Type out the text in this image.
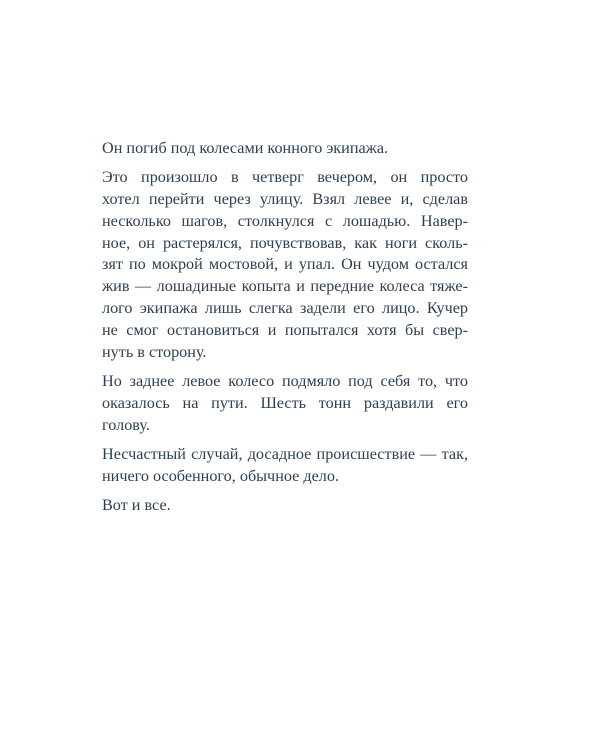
Он погиб под колесами конного экипажа.

Это произошло в четверг вечером, он просто
хотел перейти через улицу. Взял левее и, сделав
несколько шагов, столкнулся с лошадью. Навер-
ное, он растерялся, почувствовав, как ноги сколь-
зят по мокрой мостовой, и упал. Он чудом остался
жив — лошадиные копыта и передние колеса тяже-
лого экипажа лишь слегка задели его лицо. Кучер
не смог остановиться и попытался хотя бы свер-
нуть в сторону.

Но заднее левое колесо подмяло под себя то, что
оказалось на пути. Шесть тонн раздавили его
голову.

Несчастный случай, досадное происшествие — так,
ничего особенного, обычное дело.

Вот и все.
